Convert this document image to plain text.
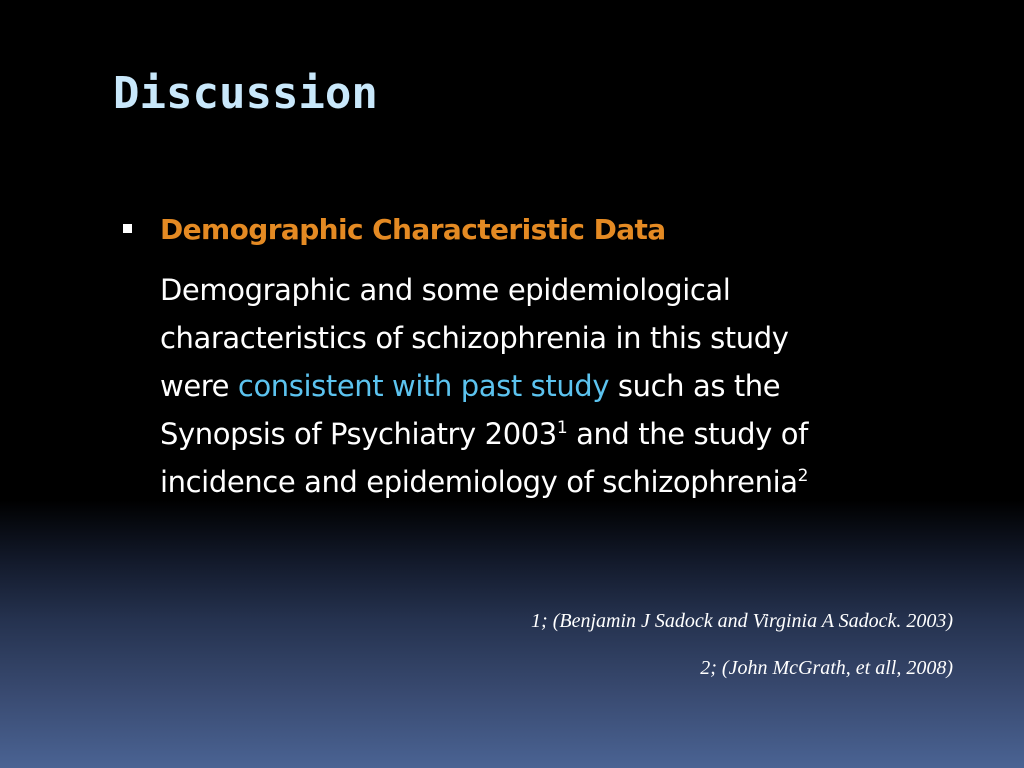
Discussion
Demographic Characteristic Data
Demographic and some epidemiological
characteristics of schizophrenia in this study
were consistent with past study such as the
Synopsis of Psychiatry 2003$^1$ and the study of
incidence and epidemiology of schizophrenia$^2$
1; (Benjamin J Sadock and Virginia A Sadock. 2003)
2; (John McGrath, et all, 2008)
